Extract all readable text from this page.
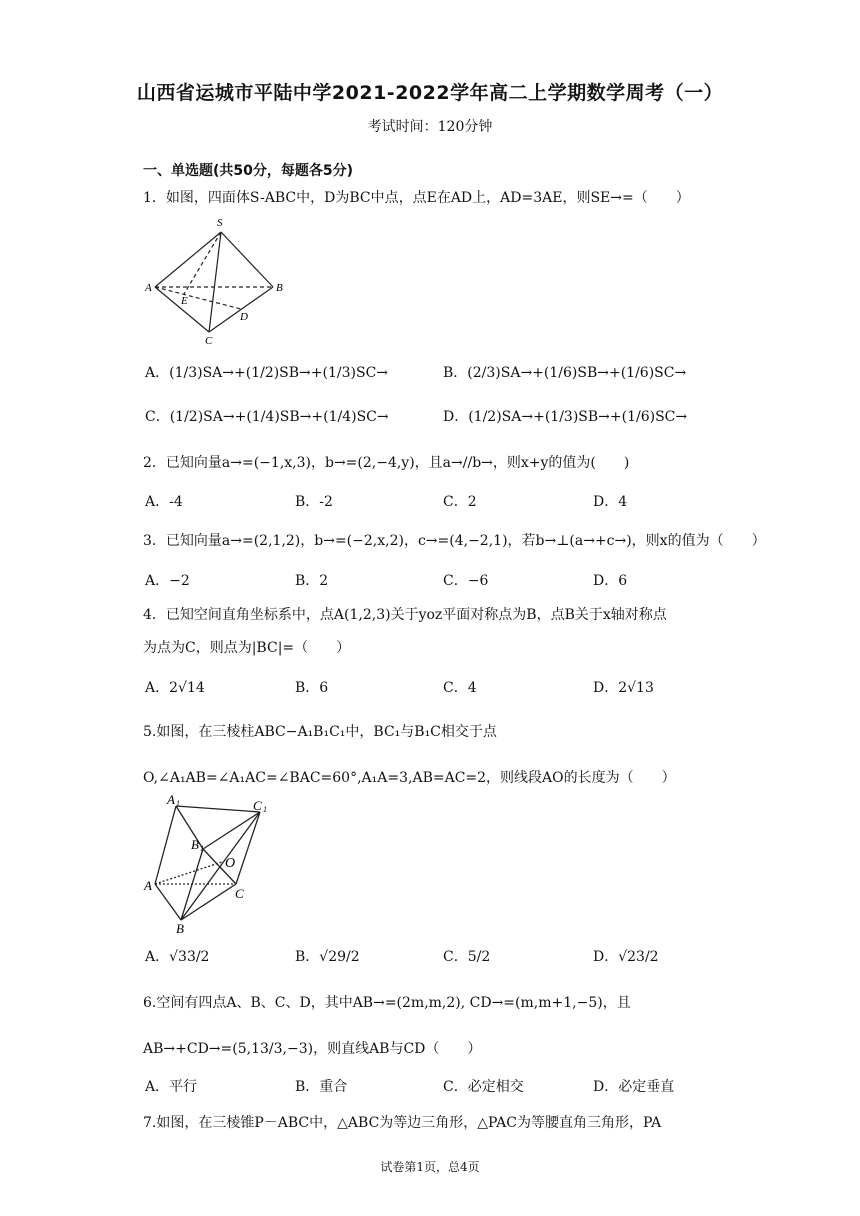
山西省运城市平陆中学2021-2022学年高二上学期数学周考（一）
考试时间：120分钟
一、单选题(共50分，每题各5分)
1．如图，四面体S-ABC中，D为BC中点，点E在AD上，AD=3AE，则SE→=（　　）
S
A	B
C
D
E
A．(1/3)SA→+(1/2)SB→+(1/3)SC→	B．(2/3)SA→+(1/6)SB→+(1/6)SC→
C．(1/2)SA→+(1/4)SB→+(1/4)SC→	D．(1/2)SA→+(1/3)SB→+(1/6)SC→
2．已知向量a→=(−1,x,3)，b→=(2,−4,y)，且a→//b→，则x+y的值为(　　)
A．-4	B．-2	C．2	D．4
3．已知向量a→=(2,1,2)，b→=(−2,x,2)，c→=(4,−2,1)，若b→⊥(a→+c→)，则x的值为（　　）
A．−2	B．2	C．−6	D．6
4．已知空间直角坐标系中，点A(1,2,3)关于yoz平面对称点为B，点B关于x轴对称点
为点为C，则点为|BC|=（　　）
A．2√14	B．6	C．4	D．2√13
5.如图，在三棱柱ABC−A₁B₁C₁中，BC₁与B₁C相交于点
O,∠A₁AB=∠A₁AC=∠BAC=60°,A₁A=3,AB=AC=2，则线段AO的长度为（　　）
A 1	C 1
B 1
O
A
C
B
A．√33/2	B．√29/2	C．5/2	D．√23/2
6.空间有四点A、B、C、D，其中AB→=(2m,m,2), CD→=(m,m+1,−5)，且
AB→+CD→=(5,13/3,−3)，则直线AB与CD（　　）
A．平行	B．重合	C．必定相交	D．必定垂直
7.如图，在三棱锥P－ABC中，△ABC为等边三角形，△PAC为等腰直角三角形，PA
试卷第1页，总4页
